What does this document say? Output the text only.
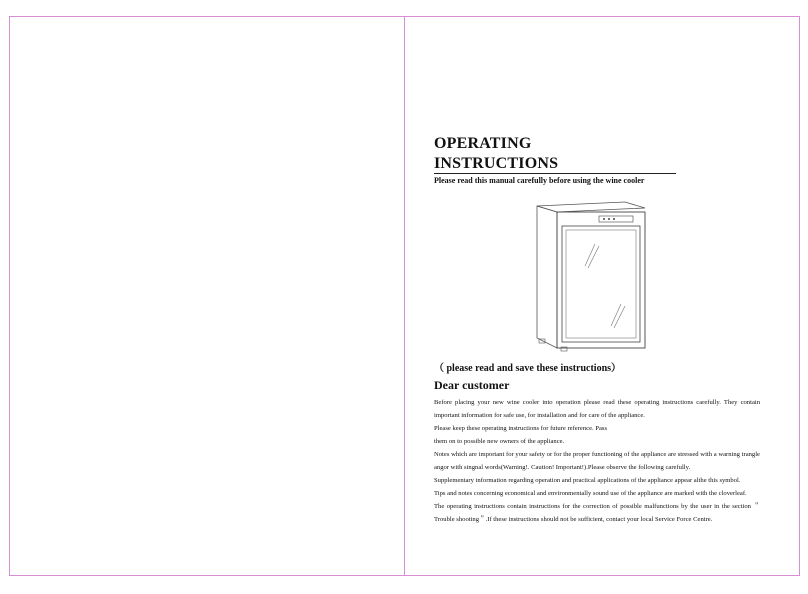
OPERATING
INSTRUCTIONS
Please read this manual carefully before using the wine cooler
（ please read and save these instructions）
Dear customer

Before placing your new wine cooler into operation please read these operating instructions carefully. They contain important information for safe use, for installation and for care of the appliance.

Please keep these operating instructions for future reference. Pass

them on to possible new owners of the appliance.

Notes which are important for your safety or for the proper functioning of the appliance are stressed with a warning trangle angor with singnal words(Warning!. Caution! Important!).Please observe the following carefully.

Supplementary information regarding operation and practical applications of the appliance appear althe this symbol.

Tips and notes concerning economical and environmentally sound use of the appliance are marked with the cloverleaf.

The operating instructions contain instructions for the correction of possible malfunctions by the user in the section ＂Trouble shooting＂.If these instructions should not be sufficient, contact your local Service Force Centre.
